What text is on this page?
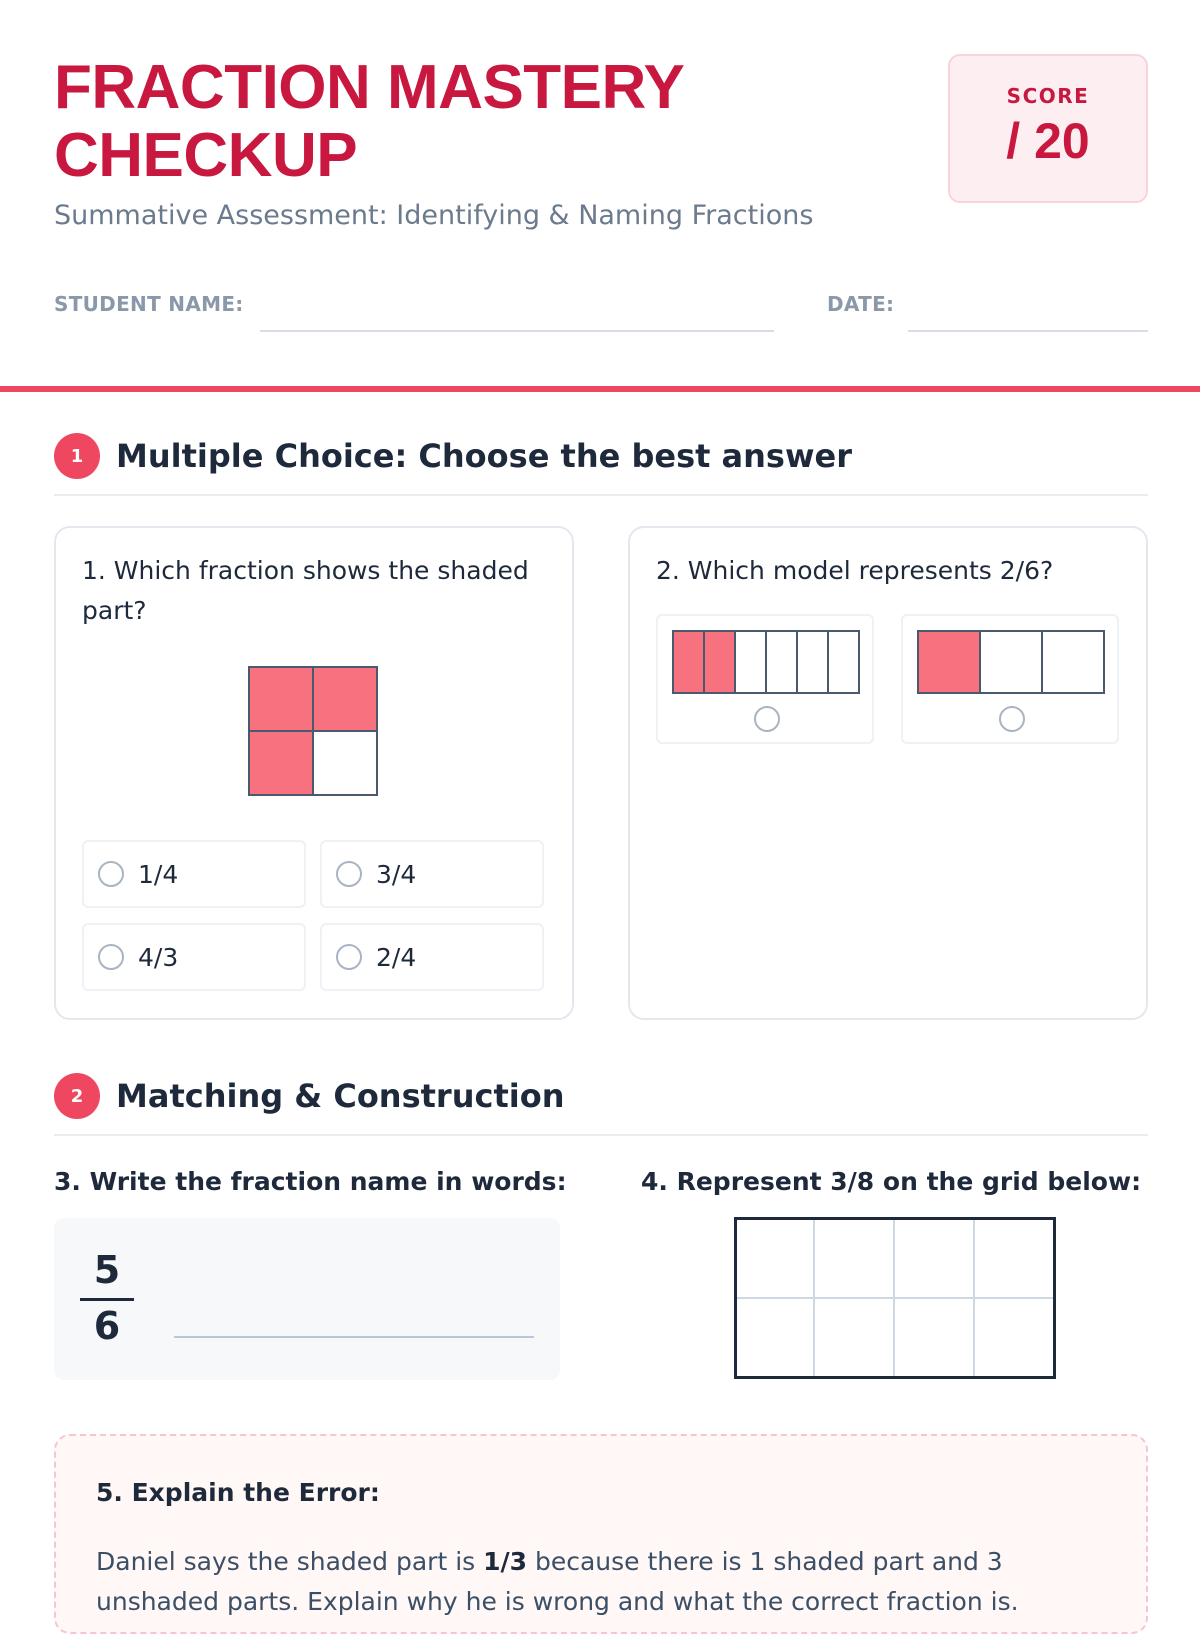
FRACTION MASTERY
CHECKUP
Summative Assessment: Identifying & Naming Fractions
SCORE
/ 20
STUDENT NAME:	DATE:
1	Multiple Choice: Choose the best answer
1. Which fraction shows the shaded part?
1/4	3/4
4/3	2/4
2. Which model represents 2/6?
2	Matching & Construction
3. Write the fraction name in words:
5
6
4. Represent 3/8 on the grid below:
5. Explain the Error:
Daniel says the shaded part is 1/3 because there is 1 shaded part and 3 unshaded parts. Explain why he is wrong and what the correct fraction is.
